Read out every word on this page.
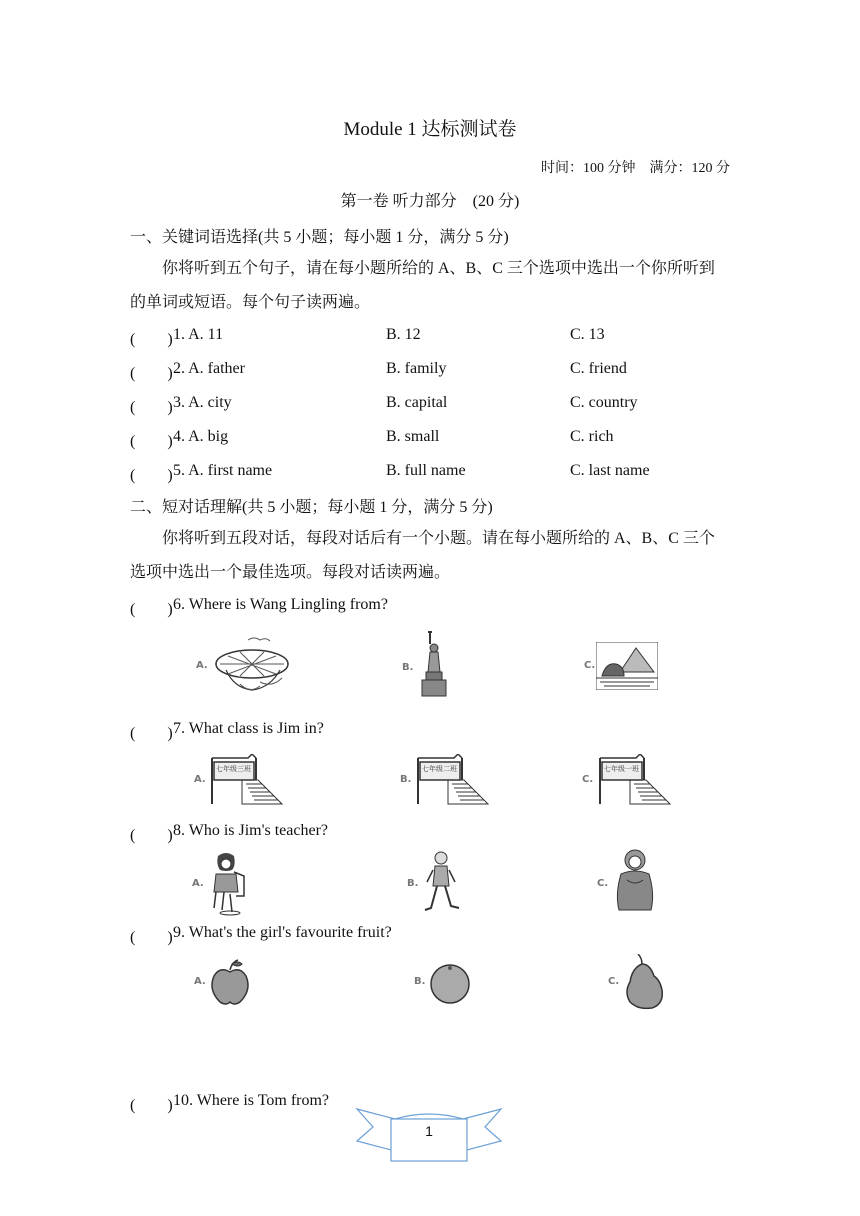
Module 1 达标测试卷
时间：100 分钟　满分：120 分
第一卷 听力部分　(20 分)
一、关键词语选择(共 5 小题；每小题 1 分，满分 5 分)
你将听到五个句子，请在每小题所给的 A、B、C 三个选项中选出一个你所听到的单词或短语。每个句子读两遍。
(　　) 1. A. 11	B. 12	C. 13
(　　) 2. A. father	B. family	C. friend
(　　) 3. A. city	B. capital	C. country
(　　) 4. A. big	B. small	C. rich
(　　) 5. A. first name	B. full name	C. last name
二、短对话理解(共 5 小题；每小题 1 分，满分 5 分)
你将听到五段对话，每段对话后有一个小题。请在每小题所给的 A、B、C 三个选项中选出一个最佳选项。每段对话读两遍。
(　　) 6. Where is Wang Lingling from?
A.	B.	C.
(　　) 7. What class is Jim in?
A.
七年级三班
B.
七年级二班
C.
七年级一班
(　　) 8. Who is Jim's teacher?
A.	B.	C.
(　　) 9. What's the girl's favourite fruit?
A.	B.	C.
(　　) 10. Where is Tom from?
1
